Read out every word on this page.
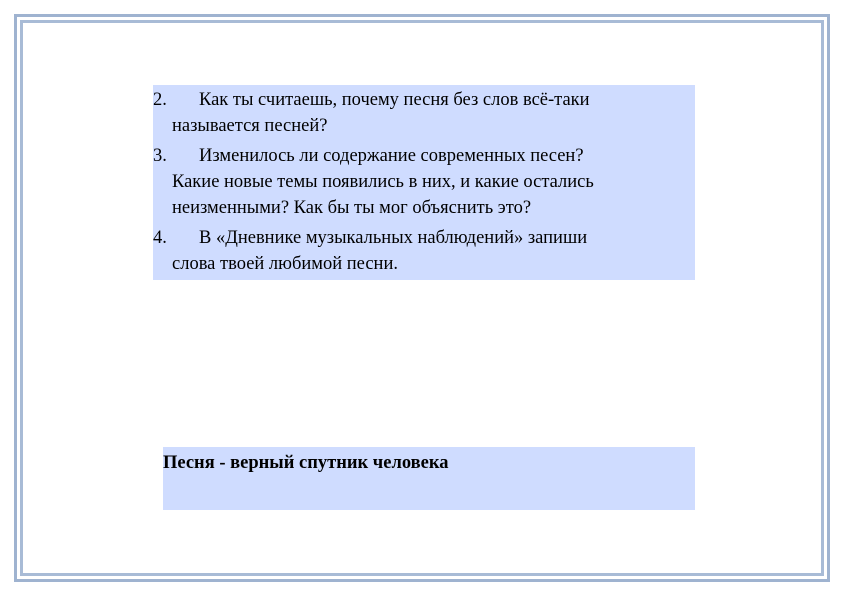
2.	Как ты считаешь, почему песня без слов всё-таки
называется песней?
3.	Изменилось ли содержание современных песен?
Какие новые темы появились в них, и какие остались неизменными? Как бы ты мог объяснить это?
4.	В «Дневнике музыкальных наблюдений» запиши
слова твоей любимой песни.
Песня - верный спутник человека
